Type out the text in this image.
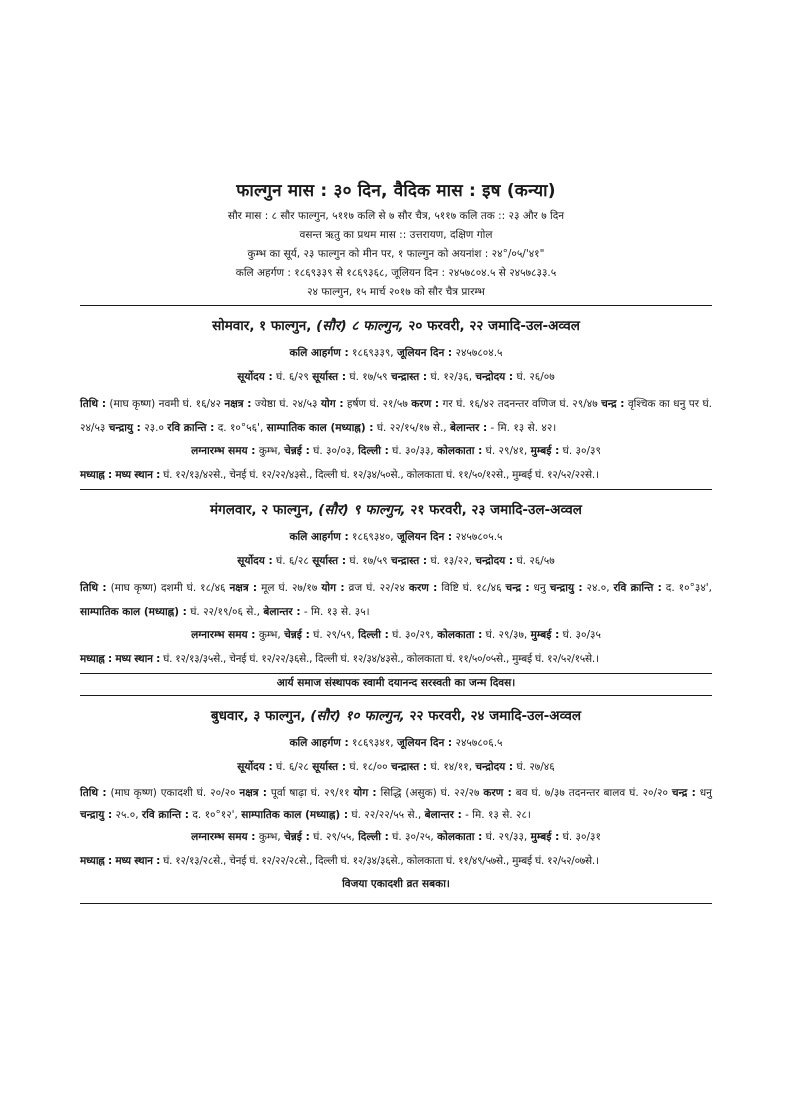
फाल्गुन मास : ३० दिन, वैदिक मास : इष (कन्या)

सौर मास : ८ सौर फाल्गुन, ५११७ कलि से ७ सौर चैत्र, ५११७ कलि तक :: २३ और ७ दिन

वसन्त ऋतु का प्रथम मास :: उत्तरायण, दक्षिण गोल

कुम्भ का सूर्य, २३ फाल्गुन को मीन पर, १ फाल्गुन को अयनांश : २४°/०५/'४१"

कलि अहर्गण : १८६९३३९ से १८६९३६८, जूलियन दिन : २४५७८०४.५ से २४५७८३३.५

२४ फाल्गुन, १५ मार्च २०१७ को सौर चैत्र प्रारम्भ

सोमवार, १ फाल्गुन, (सौर) ८ फाल्गुन, २० फरवरी, २२ जमादि-उल-अव्वल

कलि आहर्गण : १८६९३३९, जूलियन दिन : २४५७८०४.५

सूर्योदय : घं. ६/२९ सूर्यास्त : घं. १७/५९ चन्द्रास्त : घं. १२/३६, चन्द्रोदय : घं. २६/०७

तिथि : (माघ कृष्ण) नवमी घं. १६/४२ नक्षत्र : ज्येष्ठा घं. २४/५३ योग : हर्षण घं. २१/५७ करण : गर घं. १६/४२ तदनन्तर वणिज घं. २९/४७ चन्द्र : वृश्चिक का धनु पर घं. २४/५३ चन्द्रायु : २३.० रवि क्रान्ति : द. १०°५६', साम्पातिक काल (मध्याह्न) : घं. २२/१५/१७ से., बेलान्तर : - मि. १३ से. ४२।

लग्नारम्भ समय : कुम्भ, चेन्नई : घं. ३०/०३, दिल्ली : घं. ३०/३३, कोलकाता : घं. २९/४१, मुम्बई : घं. ३०/३९

मध्याह्न : मध्य स्थान : घं. १२/१३/४२से., चेनई घं. १२/२२/४३से., दिल्ली घं. १२/३४/५०से., कोलकाता घं. ११/५०/१२से., मुम्बई घं. १२/५२/२२से.।

मंगलवार, २ फाल्गुन, (सौर) ९ फाल्गुन, २१ फरवरी, २३ जमादि-उल-अव्वल

कलि आहर्गण : १८६९३४०, जूलियन दिन : २४५७८०५.५

सूर्योदय : घं. ६/२८ सूर्यास्त : घं. १७/५९ चन्द्रास्त : घं. १३/२२, चन्द्रोदय : घं. २६/५७

तिथि : (माघ कृष्ण) दशमी घं. १८/४६ नक्षत्र : मूल घं. २७/१७ योग : व्रज घं. २२/२४ करण : विष्टि घं. १८/४६ चन्द्र : धनु चन्द्रायु : २४.०, रवि क्रान्ति : द. १०°३४', साम्पातिक काल (मध्याह्न) : घं. २२/१९/०६ से., बेलान्तर : - मि. १३ से. ३५।

लग्नारम्भ समय : कुम्भ, चेन्नई : घं. २९/५९, दिल्ली : घं. ३०/२९, कोलकाता : घं. २९/३७, मुम्बई : घं. ३०/३५

मध्याह्न : मध्य स्थान : घं. १२/१३/३५से., चेनई घं. १२/२२/३६से., दिल्ली घं. १२/३४/४३से., कोलकाता घं. ११/५०/०५से., मुम्बई घं. १२/५२/१५से.।

आर्य समाज संस्थापक स्वामी दयानन्द सरस्वती का जन्म दिवस।

बुधवार, ३ फाल्गुन, (सौर) १० फाल्गुन, २२ फरवरी, २४ जमादि-उल-अव्वल

कलि आहर्गण : १८६९३४१, जूलियन दिन : २४५७८०६.५

सूर्योदय : घं. ६/२८ सूर्यास्त : घं. १८/०० चन्द्रास्त : घं. १४/११, चन्द्रोदय : घं. २७/४६

तिथि : (माघ कृष्ण) एकादशी घं. २०/२० नक्षत्र : पूर्वा षाढ़ा घं. २९/११ योग : सिद्धि (असुक) घं. २२/२७ करण : बव घं. ७/३७ तदनन्तर बालव घं. २०/२० चन्द्र : धनु चन्द्रायु : २५.०, रवि क्रान्ति : द. १०°१२', साम्पातिक काल (मध्याह्न) : घं. २२/२२/५५ से., बेलान्तर : - मि. १३ से. २८।

लग्नारम्भ समय : कुम्भ, चेन्नई : घं. २९/५५, दिल्ली : घं. ३०/२५, कोलकाता : घं. २९/३३, मुम्बई : घं. ३०/३१

मध्याह्न : मध्य स्थान : घं. १२/१३/२८से., चेनई घं. १२/२२/२८से., दिल्ली घं. १२/३४/३६से., कोलकाता घं. ११/४९/५७से., मुम्बई घं. १२/५२/०७से.।

विजया एकादशी व्रत सबका।
